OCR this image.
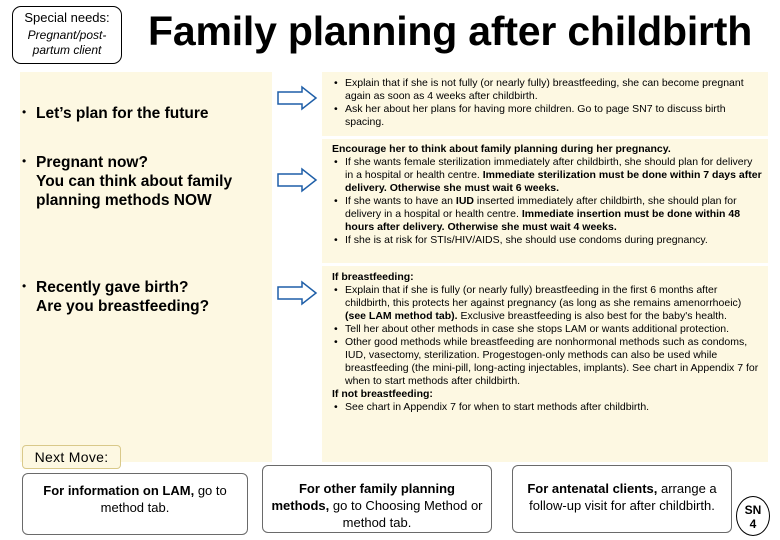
Special needs:
Pregnant/post-partum client	Family planning after childbirth
• Let’s plan for the future
• Pregnant now?
You can think about family
planning methods NOW
• Recently gave birth?
Are you breastfeeding?
• Explain that if she is not fully (or nearly fully) breastfeeding, she can become pregnant again as soon as 4 weeks after childbirth.
• Ask her about her plans for having more children. Go to page SN7 to discuss birth spacing.
Encourage her to think about family planning during her pregnancy.
• If she wants female sterilization immediately after childbirth, she should plan for delivery in a hospital or health centre. Immediate sterilization must be done within 7 days after delivery. Otherwise she must wait 6 weeks.
• If she wants to have an IUD inserted immediately after childbirth, she should plan for delivery in a hospital or health centre. Immediate insertion must be done within 48 hours after delivery. Otherwise she must wait 4 weeks.
• If she is at risk for STIs/HIV/AIDS, she should use condoms during pregnancy.
If breastfeeding:
• Explain that if she is fully (or nearly fully) breastfeeding in the first 6 months after childbirth, this protects her against pregnancy (as long as she remains amenorrhoeic) (see LAM method tab). Exclusive breastfeeding is also best for the baby's health.
• Tell her about other methods in case she stops LAM or wants additional protection.
• Other good methods while breastfeeding are nonhormonal methods such as condoms, IUD, vasectomy, sterilization. Progestogen-only methods can also be used while breastfeeding (the mini-pill, long-acting injectables, implants). See chart in Appendix 7 for when to start methods after childbirth.
If not breastfeeding:
• See chart in Appendix 7 for when to start methods after childbirth.
Next Move:
For information on LAM, go to method tab.
For other family planning methods, go to Choosing Method or method tab.
For antenatal clients, arrange a follow-up visit for after childbirth.	SN
4
